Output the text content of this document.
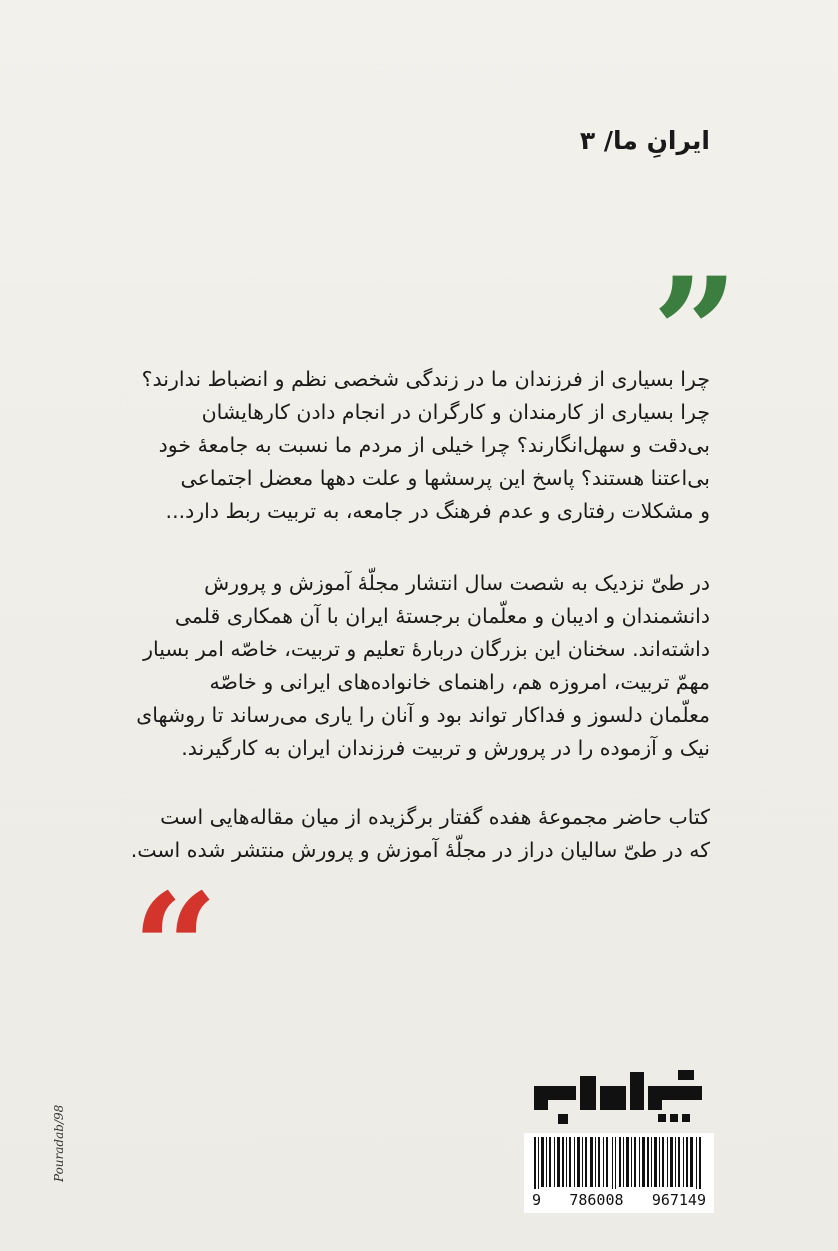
ایرانِ ما/ ۳
”

چرا بسیاری از فرزندان ما در زندگی شخصی نظم و انضباط ندارند؟
چرا بسیاری از کارمندان و کارگران در انجام دادن کارهایشان
بی‌دقت و سهل‌انگارند؟ چرا خیلی از مردم ما نسبت به جامعهٔ خود
بی‌اعتنا هستند؟ پاسخ این پرسشها و علت دهها معضل اجتماعی
و مشکلات رفتاری و عدم فرهنگ در جامعه، به تربیت ربط دارد...

در طیّ نزدیک به شصت سال انتشار مجلّهٔ آموزش و پرورش
دانشمندان و ادیبان و معلّمان برجستهٔ ایران با آن همکاری قلمی
داشته‌اند. سخنان این بزرگان دربارهٔ تعلیم و تربیت، خاصّه امر بسیار
مهمّ تربیت، امروزه هم، راهنمای خانواده‌های ایرانی و خاصّه
معلّمان دلسوز و فداکار تواند بود و آنان را یاری می‌رساند تا روشهای
نیک و آزموده را در پرورش و تربیت فرزندان ایران به کارگیرند.

کتاب حاضر مجموعهٔ هفده گفتار برگزیده از میان مقاله‌هایی است
که در طیّ سالیان دراز در مجلّهٔ آموزش و پرورش منتشر شده است.

“
9 786008 967149
Pouradab/98
